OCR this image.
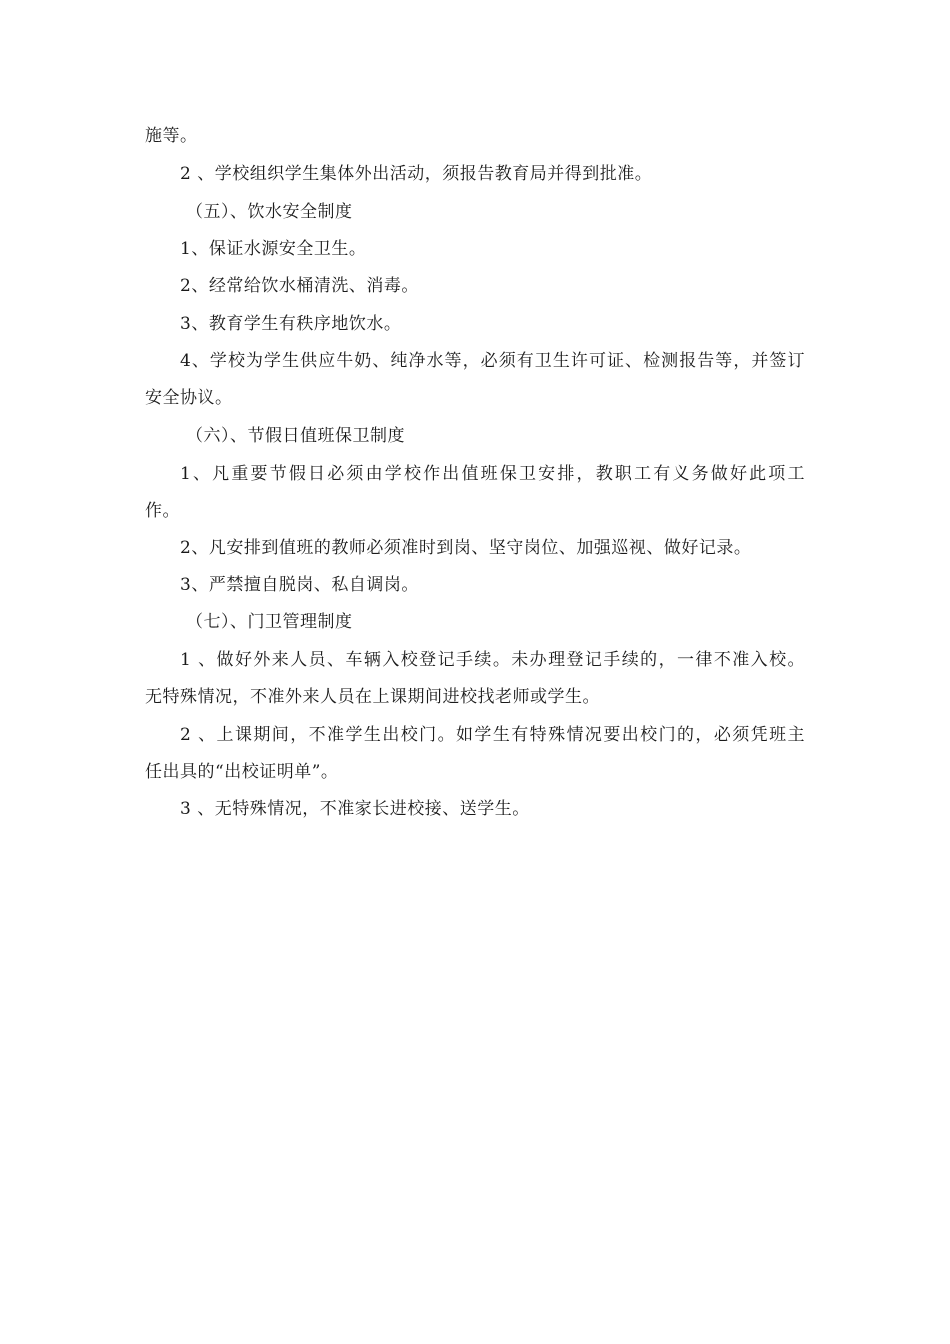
施等。
2 、学校组织学生集体外出活动，须报告教育局并得到批准。
（五）、饮水安全制度
1、保证水源安全卫生。
2、经常给饮水桶清洗、消毒。
3、教育学生有秩序地饮水。
4、学校为学生供应牛奶、纯净水等，必须有卫生许可证、检测报告等，并签订
安全协议。
（六）、节假日值班保卫制度
1、凡重要节假日必须由学校作出值班保卫安排，教职工有义务做好此项工
作。
2、凡安排到值班的教师必须准时到岗、坚守岗位、加强巡视、做好记录。
3、严禁擅自脱岗、私自调岗。
（七）、门卫管理制度
1 、做好外来人员、车辆入校登记手续。未办理登记手续的，一律不准入校。
无特殊情况，不准外来人员在上课期间进校找老师或学生。
2 、上课期间，不准学生出校门。如学生有特殊情况要出校门的，必须凭班主
任出具的“出校证明单”。
3 、无特殊情况，不准家长进校接、送学生。
